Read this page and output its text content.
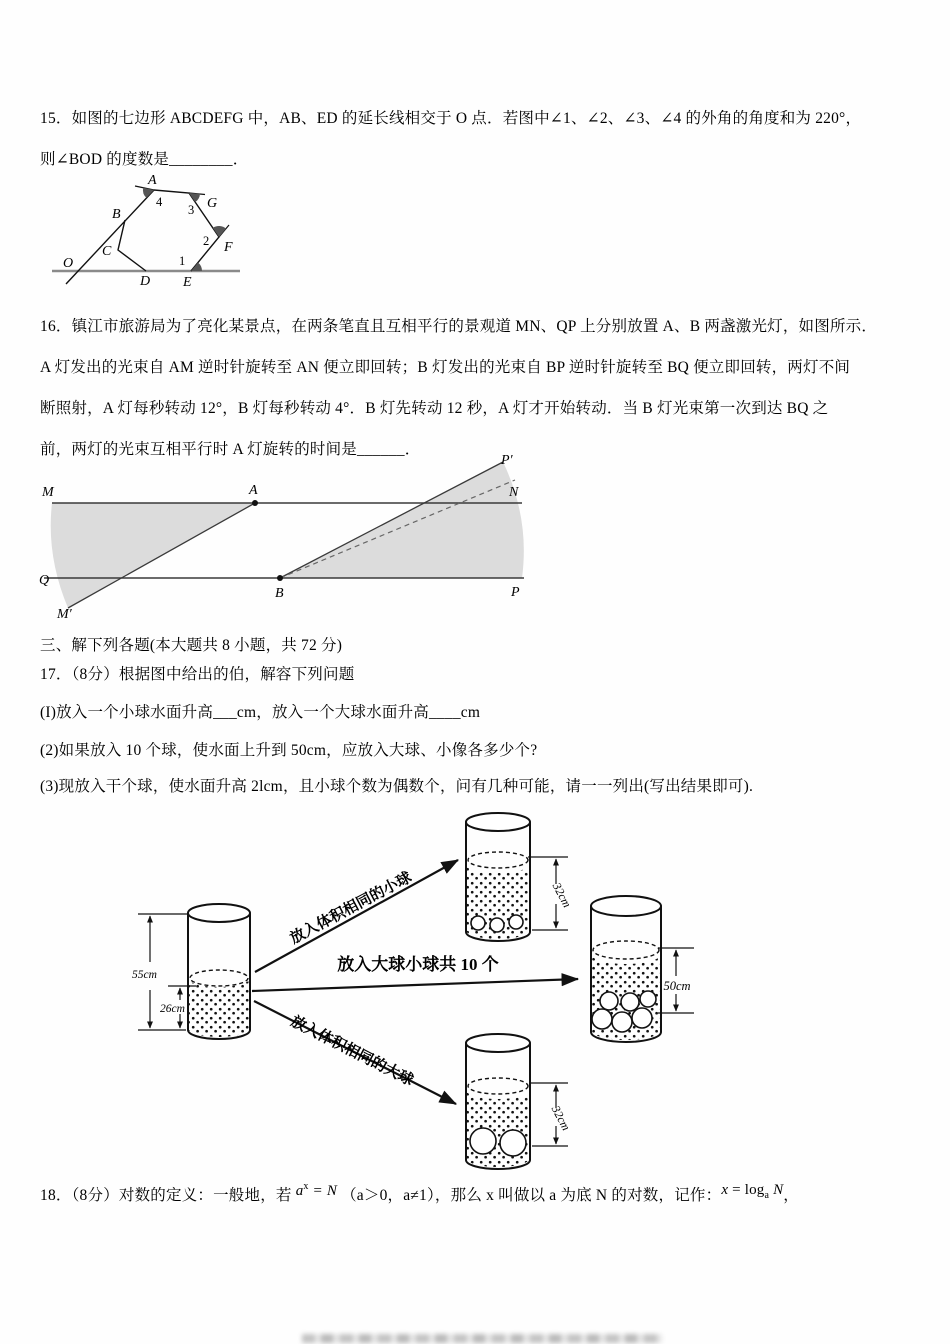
15．如图的七边形 ABCDEFG 中，AB、ED 的延长线相交于 O 点．若图中∠1、∠2、∠3、∠4 的外角的角度和为 220°，
则∠BOD 的度数是________．
A
B
C
D E
F
G
O
4
3
2
1
16．镇江市旅游局为了亮化某景点，在两条笔直且互相平行的景观道 MN、QP 上分别放置 A、B 两盏激光灯，如图所示．
A 灯发出的光束自 AM 逆时针旋转至 AN 便立即回转；B 灯发出的光束自 BP 逆时针旋转至 BQ 便立即回转，两灯不间
断照射，A 灯每秒转动 12°，B 灯每秒转动 4°．B 灯先转动 12 秒，A 灯才开始转动．当 B 灯光束第一次到达 BQ 之
前，两灯的光束互相平行时 A 灯旋转的时间是______．
M	A	N
P′
Q
B	P
M′
三、解下列各题(本大题共 8 小题，共 72 分)
17．（8分）根据图中给出的伯，解容下列问题
(I)放入一个小球水面升高___cm，放入一个大球水面升高____cm
(2)如果放入 10 个球，使水面上升到 50cm，应放入大球、小像各多少个?
(3)现放入干个球，使水面升高 2lcm，且小球个数为偶数个，问有几种可能，请一一列出(写出结果即可).
55cm
26cm
放入体积相同的小球
放入大球小球共 10 个
放入体积相同的大球
32cm
50cm
32cm
18．（8分）对数的定义：一般地，若 $a^x = N$ （a＞0，a≠1），那么 x 叫做以 a 为底 N 的对数，记作：$x = \log_a N$，
